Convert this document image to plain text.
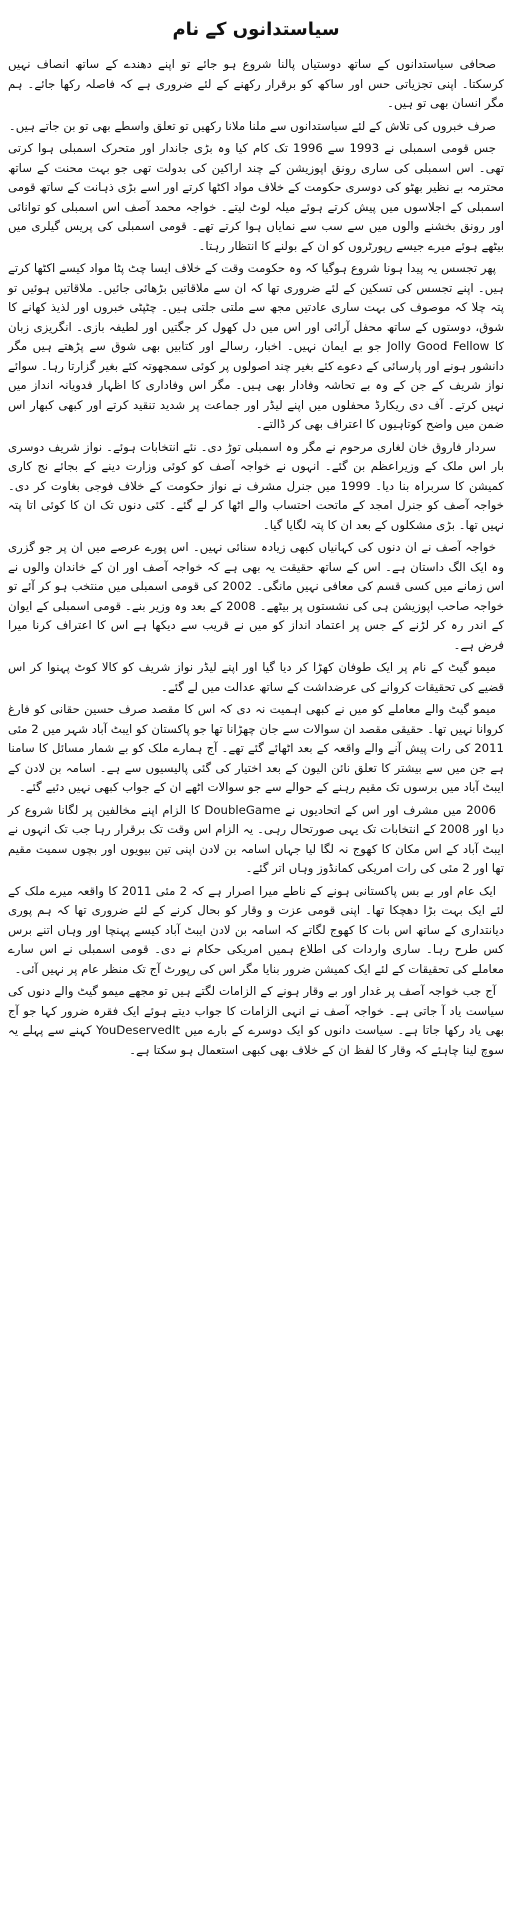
سیاستدانوں کے نام

صحافی سیاستدانوں کے ساتھ دوستیاں پالنا شروع ہو جائے تو اپنے دھندے کے ساتھ انصاف نہیں کرسکتا۔ اپنی تجزیاتی حس اور ساکھ کو برقرار رکھنے کے لئے ضروری ہے کہ فاصلہ رکھا جائے۔ ہم مگر انسان بھی تو ہیں۔

صرف خبروں کی تلاش کے لئے سیاستدانوں سے ملنا ملانا رکھیں تو تعلق واسطے بھی تو بن جاتے ہیں۔

جس قومی اسمبلی نے 1993 سے 1996 تک کام کیا وہ بڑی جاندار اور متحرک اسمبلی ہوا کرتی تھی۔ اس اسمبلی کی ساری رونق اپوزیشن کے چند اراکین کی بدولت تھی جو بہت محنت کے ساتھ محترمہ بے نظیر بھٹو کی دوسری حکومت کے خلاف مواد اکٹھا کرتے اور اسے بڑی ذہانت کے ساتھ قومی اسمبلی کے اجلاسوں میں پیش کرتے ہوئے میلہ لوٹ لیتے۔ خواجہ محمد آصف اس اسمبلی کو توانائی اور رونق بخشنے والوں میں سے سب سے نمایاں ہوا کرتے تھے۔ قومی اسمبلی کی پریس گیلری میں بیٹھے ہوئے میرے جیسے رپورٹروں کو ان کے بولنے کا انتظار رہتا۔

پھر تجسس یہ پیدا ہونا شروع ہوگیا کہ وہ حکومت وقت کے خلاف ایسا چٹ پٹا مواد کیسے اکٹھا کرتے ہیں۔ اپنے تجسس کی تسکین کے لئے ضروری تھا کہ ان سے ملاقاتیں بڑھائی جائیں۔ ملاقاتیں ہوئیں تو پتہ چلا کہ موصوف کی بہت ساری عادتیں مجھ سے ملتی جلتی ہیں۔ چٹپٹی خبروں اور لذیذ کھانے کا شوق، دوستوں کے ساتھ محفل آرائی اور اس میں دل کھول کر جگتیں اور لطیفہ بازی۔ انگریزی زبان کا Jolly Good Fellow جو بے ایمان نہیں۔ اخبار، رسالے اور کتابیں بھی شوق سے پڑھتے ہیں مگر دانشور ہونے اور پارسائی کے دعوے کئے بغیر چند اصولوں پر کوئی سمجھوتہ کئے بغیر گزارتا رہا۔ سوائے نواز شریف کے جن کے وہ بے تحاشہ وفادار بھی ہیں۔ مگر اس وفاداری کا اظہار فدویانہ انداز میں نہیں کرتے۔ آف دی ریکارڈ محفلوں میں اپنے لیڈر اور جماعت پر شدید تنقید کرتے اور کبھی کبھار اس ضمن میں واضح کوتاہیوں کا اعتراف بھی کر ڈالتے۔

سردار فاروق خان لغاری مرحوم نے مگر وہ اسمبلی توڑ دی۔ نئے انتخابات ہوئے۔ نواز شریف دوسری بار اس ملک کے وزیراعظم بن گئے۔ انہوں نے خواجہ آصف کو کوئی وزارت دینے کے بجائے نج کاری کمیشن کا سربراہ بنا دیا۔ 1999 میں جنرل مشرف نے نواز حکومت کے خلاف فوجی بغاوت کر دی۔ خواجہ آصف کو جنرل امجد کے ماتحت احتساب والے اٹھا کر لے گئے۔ کئی دنوں تک ان کا کوئی اتا پتہ نہیں تھا۔ بڑی مشکلوں کے بعد ان کا پتہ لگایا گیا۔

خواجہ آصف نے ان دنوں کی کہانیاں کبھی زیادہ سنائی نہیں۔ اس پورے عرصے میں ان پر جو گزری وہ ایک الگ داستان ہے۔ اس کے ساتھ حقیقت یہ بھی ہے کہ خواجہ آصف اور ان کے خاندان والوں نے اس زمانے میں کسی قسم کی معافی نہیں مانگی۔ 2002 کی قومی اسمبلی میں منتخب ہو کر آئے تو خواجہ صاحب اپوزیشن ہی کی نشستوں پر بیٹھے۔ 2008 کے بعد وہ وزیر بنے۔ قومی اسمبلی کے ایوان کے اندر رہ کر لڑنے کے جس پر اعتماد انداز کو میں نے قریب سے دیکھا ہے اس کا اعتراف کرنا میرا فرض ہے۔

میمو گیٹ کے نام پر ایک طوفان کھڑا کر دیا گیا اور اپنے لیڈر نواز شریف کو کالا کوٹ پہنوا کر اس قضیے کی تحقیقات کروانے کی عرضداشت کے ساتھ عدالت میں لے گئے۔

میمو گیٹ والے معاملے کو میں نے کبھی اہمیت نہ دی کہ اس کا مقصد صرف حسین حقانی کو فارغ کروانا نہیں تھا۔ حقیقی مقصد ان سوالات سے جان چھڑانا تھا جو پاکستان کو ایبٹ آباد شہر میں 2 مئی 2011 کی رات پیش آنے والے واقعہ کے بعد اٹھائے گئے تھے۔ آج ہمارے ملک کو بے شمار مسائل کا سامنا ہے جن میں سے بیشتر کا تعلق نائن الیون کے بعد اختیار کی گئی پالیسیوں سے ہے۔ اسامہ بن لادن کے ایبٹ آباد میں برسوں تک مقیم رہنے کے حوالے سے جو سوالات اٹھے ان کے جواب کبھی نہیں دئیے گئے۔

2006 میں مشرف اور اس کے اتحادیوں نے DoubleGame کا الزام اپنے مخالفین پر لگانا شروع کر دیا اور 2008 کے انتخابات تک یہی صورتحال رہی۔ یہ الزام اس وقت تک برقرار رہا جب تک انہوں نے ایبٹ آباد کے اس مکان کا کھوج نہ لگا لیا جہاں اسامہ بن لادن اپنی تین بیویوں اور بچوں سمیت مقیم تھا اور 2 مئی کی رات امریکی کمانڈوز وہاں اتر گئے۔

ایک عام اور بے بس پاکستانی ہونے کے ناطے میرا اصرار ہے کہ 2 مئی 2011 کا واقعہ میرے ملک کے لئے ایک بہت بڑا دھچکا تھا۔ اپنی قومی عزت و وقار کو بحال کرنے کے لئے ضروری تھا کہ ہم پوری دیانتداری کے ساتھ اس بات کا کھوج لگاتے کہ اسامہ بن لادن ایبٹ آباد کیسے پہنچا اور وہاں اتنے برس کس طرح رہا۔ ساری واردات کی اطلاع ہمیں امریکی حکام نے دی۔ قومی اسمبلی نے اس سارے معاملے کی تحقیقات کے لئے ایک کمیشن ضرور بنایا مگر اس کی رپورٹ آج تک منظر عام پر نہیں آئی۔

آج جب خواجہ آصف پر غدار اور بے وقار ہونے کے الزامات لگتے ہیں تو مجھے میمو گیٹ والے دنوں کی سیاست یاد آ جاتی ہے۔ خواجہ آصف نے انہی الزامات کا جواب دیتے ہوئے ایک فقرہ ضرور کہا جو آج بھی یاد رکھا جاتا ہے۔ سیاست دانوں کو ایک دوسرے کے بارے میں YouDeservedIt کہنے سے پہلے یہ سوچ لینا چاہئے کہ وقار کا لفظ ان کے خلاف بھی کبھی استعمال ہو سکتا ہے۔
